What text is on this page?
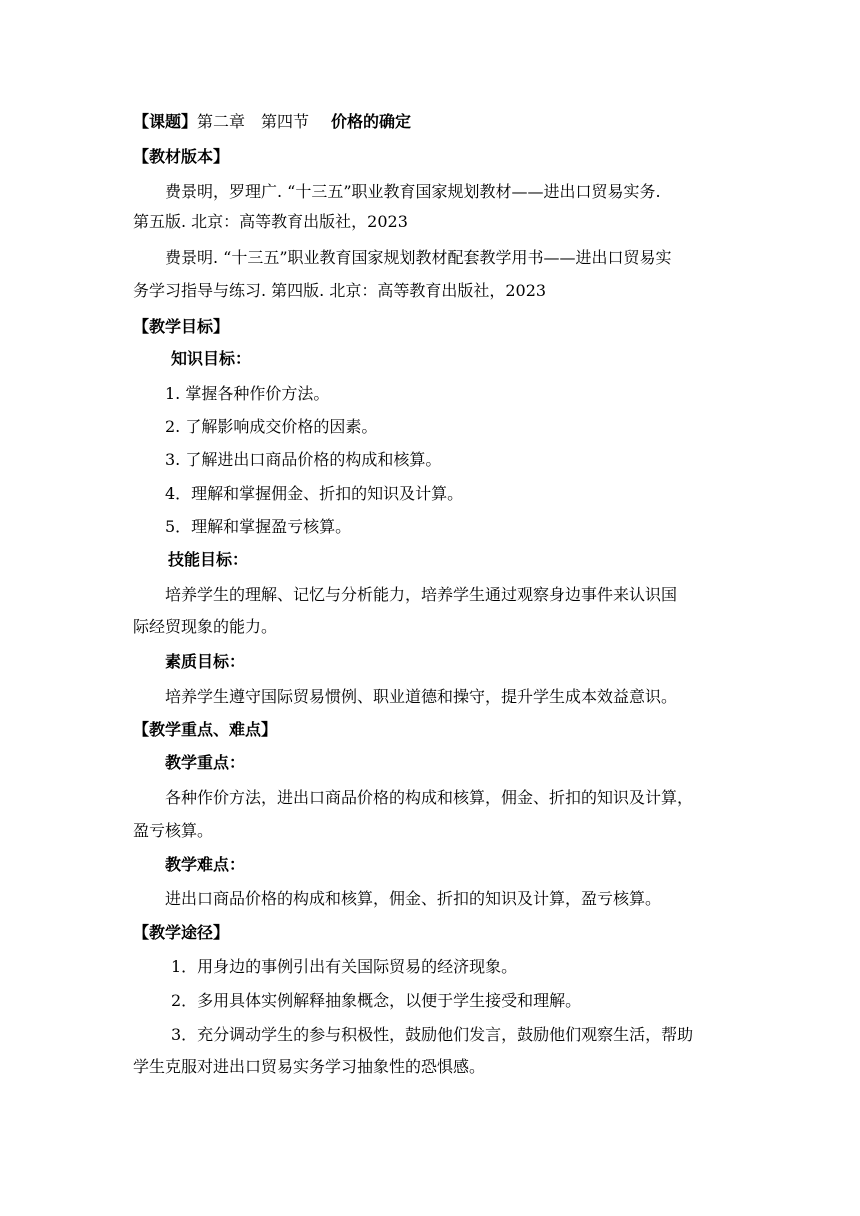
【课题】第二章　第四节 价格的确定
【教材版本】
费景明，罗理广. “十三五”职业教育国家规划教材——进出口贸易实务.
第五版. 北京：高等教育出版社，2023
费景明. “十三五”职业教育国家规划教材配套教学用书——进出口贸易实
务学习指导与练习. 第四版. 北京：高等教育出版社，2023
【教学目标】
知识目标：
1. 掌握各种作价方法。
2. 了解影响成交价格的因素。
3. 了解进出口商品价格的构成和核算。
4．理解和掌握佣金、折扣的知识及计算。
5．理解和掌握盈亏核算。
技能目标：
培养学生的理解、记忆与分析能力，培养学生通过观察身边事件来认识国
际经贸现象的能力。
素质目标：
培养学生遵守国际贸易惯例、职业道德和操守，提升学生成本效益意识。
【教学重点、难点】
教学重点：
各种作价方法，进出口商品价格的构成和核算，佣金、折扣的知识及计算，
盈亏核算。
教学难点：
进出口商品价格的构成和核算，佣金、折扣的知识及计算，盈亏核算。
【教学途径】
1．用身边的事例引出有关国际贸易的经济现象。
2．多用具体实例解释抽象概念，以便于学生接受和理解。
3．充分调动学生的参与积极性，鼓励他们发言，鼓励他们观察生活，帮助
学生克服对进出口贸易实务学习抽象性的恐惧感。
